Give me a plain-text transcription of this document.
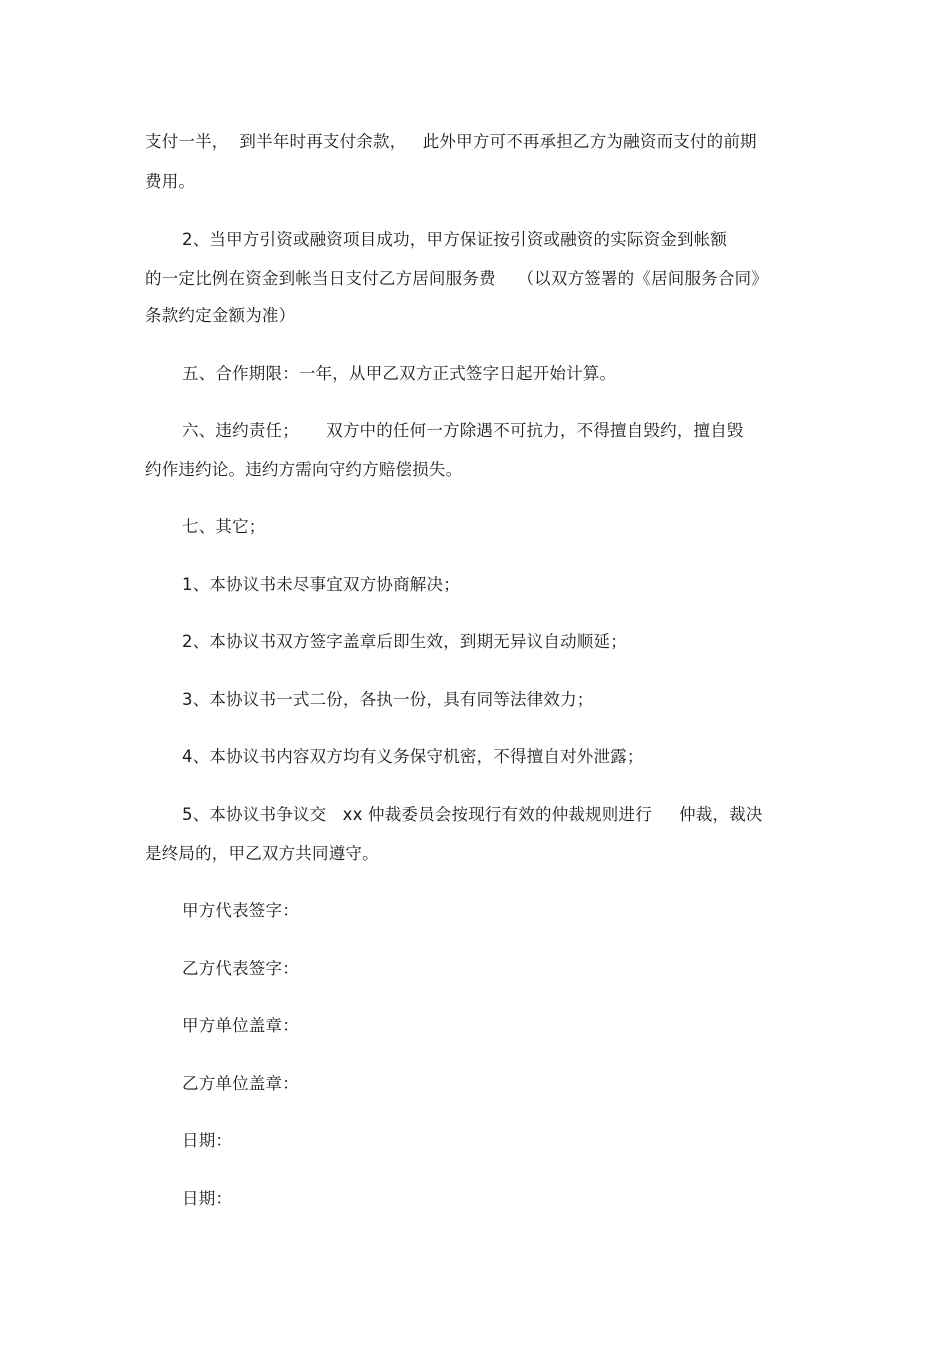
支付一半，  到半年时再支付余款，   此外甲方可不再承担乙方为融资而支付的前期
费用。
2、当甲方引资或融资项目成功，甲方保证按引资或融资的实际资金到帐额
的一定比例在资金到帐当日支付乙方居间服务费    （以双方签署的《居间服务合同》
条款约定金额为准）
五、合作期限：一年，从甲乙双方正式签字日起开始计算。
六、违约责任；     双方中的任何一方除遇不可抗力，不得擅自毁约，擅自毁
约作违约论。违约方需向守约方赔偿损失。
七、其它；
1、本协议书未尽事宜双方协商解决；
2、本协议书双方签字盖章后即生效，到期无异议自动顺延；
3、本协议书一式二份，各执一份，具有同等法律效力；
4、本协议书内容双方均有义务保守机密，不得擅自对外泄露；
5、本协议书争议交   xx 仲裁委员会按现行有效的仲裁规则进行     仲裁，裁决
是终局的，甲乙双方共同遵守。
甲方代表签字：
乙方代表签字：
甲方单位盖章：
乙方单位盖章：
日期：
日期：
